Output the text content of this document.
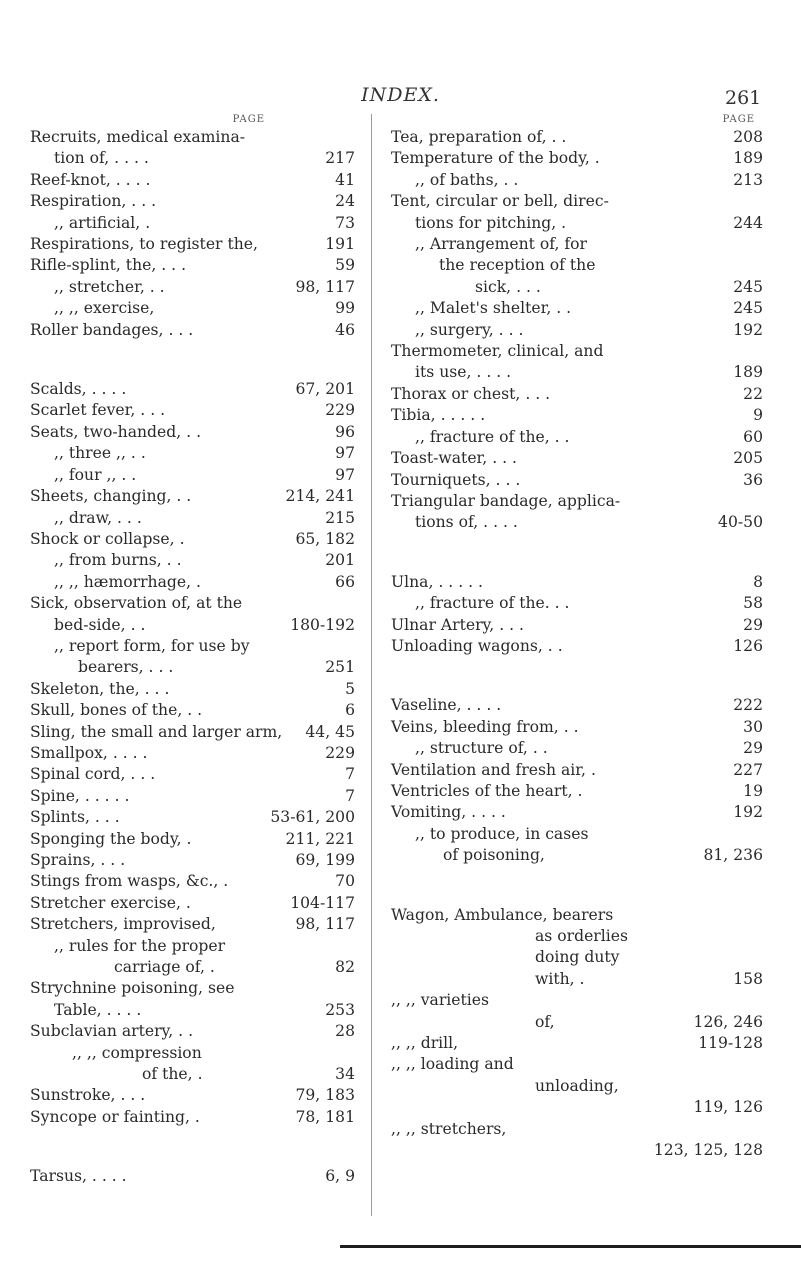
INDEX.	261
PAGE
Recruits, medical examina-
tion of, . . . .	217
Reef-knot, . . . .	41
Respiration, . . .	24
,, artificial, .	73
Respirations, to register the,	191
Rifle-splint, the, . . .	59
,, stretcher, . .	98, 117
,, ,, exercise,	99
Roller bandages, . . .	46
Scalds, . . . .	67, 201
Scarlet fever, . . .	229
Seats, two-handed, . .	96
,, three ,, . .	97
,, four ,, . .	97
Sheets, changing, . .	214, 241
,, draw, . . .	215
Shock or collapse, .	65, 182
,, from burns, . .	201
,, ,, hæmorrhage, .	66
Sick, observation of, at the
bed-side, . .	180-192
,, report form, for use by
bearers, . . .	251
Skeleton, the, . . .	5
Skull, bones of the, . .	6
Sling, the small and larger arm,	44, 45
Smallpox, . . . .	229
Spinal cord, . . .	7
Spine, . . . . .	7
Splints, . . .	53-61, 200
Sponging the body, .	211, 221
Sprains, . . .	69, 199
Stings from wasps, &c., .	70
Stretcher exercise, .	104-117
Stretchers, improvised,	98, 117
,, rules for the proper
carriage of, .	82
Strychnine poisoning, see
Table, . . . .	253
Subclavian artery, . .	28
,, ,, compression
of the, .	34
Sunstroke, . . .	79, 183
Syncope or fainting, .	78, 181
Tarsus, . . . .	6, 9
PAGE
Tea, preparation of, . .	208
Temperature of the body, .	189
,, of baths, . .	213
Tent, circular or bell, direc-
tions for pitching, .	244
,, Arrangement of, for
the reception of the
sick, . . .	245
,, Malet's shelter, . .	245
,, surgery, . . .	192
Thermometer, clinical, and
its use, . . . .	189
Thorax or chest, . . .	22
Tibia, . . . . .	9
,, fracture of the, . .	60
Toast-water, . . .	205
Tourniquets, . . .	36
Triangular bandage, applica-
tions of, . . . .	40-50
Ulna, . . . . .	8
,, fracture of the. . .	58
Ulnar Artery, . . .	29
Unloading wagons, . .	126
Vaseline, . . . .	222
Veins, bleeding from, . .	30
,, structure of, . .	29
Ventilation and fresh air, .	227
Ventricles of the heart, .	19
Vomiting, . . . .	192
,, to produce, in cases
of poisoning,	81, 236
Wagon, Ambulance, bearers
as orderlies
doing duty
with, .	158
,, ,, varieties
of,	126, 246
,, ,, drill,	119-128
,, ,, loading and
unloading,

119, 126
,, ,, stretchers,

123, 125, 128
